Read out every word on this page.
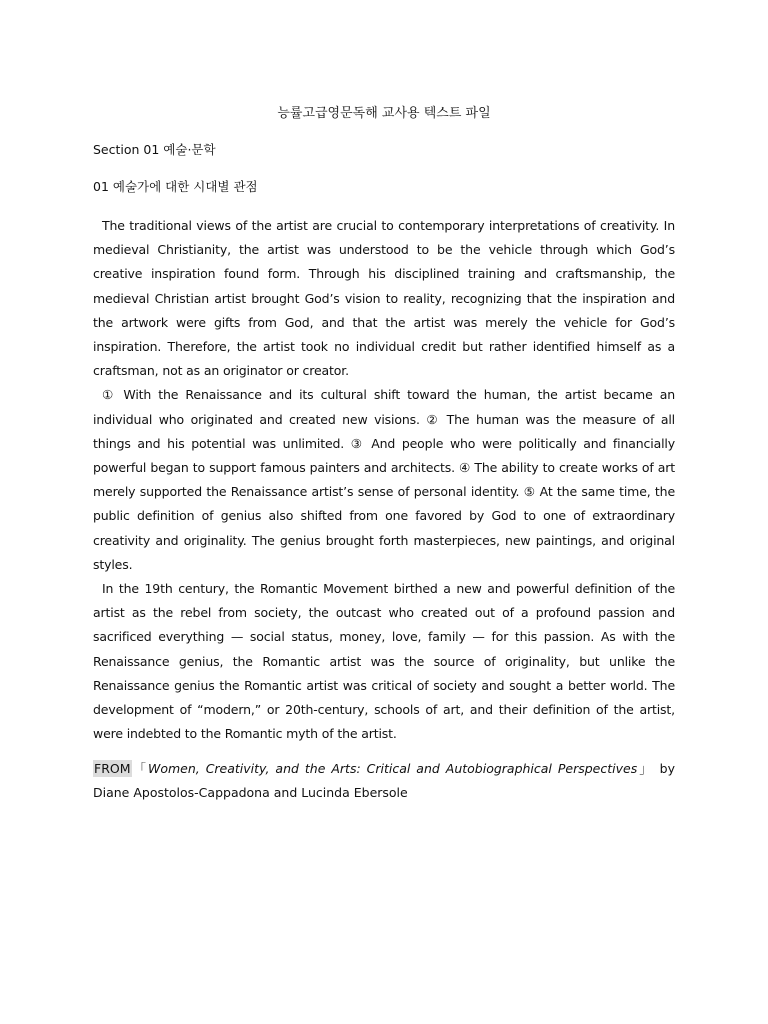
능률고급영문독해 교사용 텍스트 파일
Section 01 예술·문학
01 예술가에 대한 시대별 관점

The traditional views of the artist are crucial to contemporary interpretations of creativity. In medieval Christianity, the artist was understood to be the vehicle through which God’s creative inspiration found form. Through his disciplined training and craftsmanship, the medieval Christian artist brought God’s vision to reality, recognizing that the inspiration and the artwork were gifts from God, and that the artist was merely the vehicle for God’s inspiration. Therefore, the artist took no individual credit but rather identified himself as a craftsman, not as an originator or creator.

① With the Renaissance and its cultural shift toward the human, the artist became an individual who originated and created new visions. ② The human was the measure of all things and his potential was unlimited. ③ And people who were politically and financially powerful began to support famous painters and architects. ④ The ability to create works of art merely supported the Renaissance artist’s sense of personal identity. ⑤ At the same time, the public definition of genius also shifted from one favored by God to one of extraordinary creativity and originality. The genius brought forth masterpieces, new paintings, and original styles.

In the 19th century, the Romantic Movement birthed a new and powerful definition of the artist as the rebel from society, the outcast who created out of a profound passion and sacrificed everything — social status, money, love, family — for this passion. As with the Renaissance genius, the Romantic artist was the source of originality, but unlike the Renaissance genius the Romantic artist was critical of society and sought a better world. The development of “modern,” or 20th-century, schools of art, and their definition of the artist, were indebted to the Romantic myth of the artist.

FROM「Women, Creativity, and the Arts: Critical and Autobiographical Perspectives」 by Diane Apostolos-Cappadona and Lucinda Ebersole
